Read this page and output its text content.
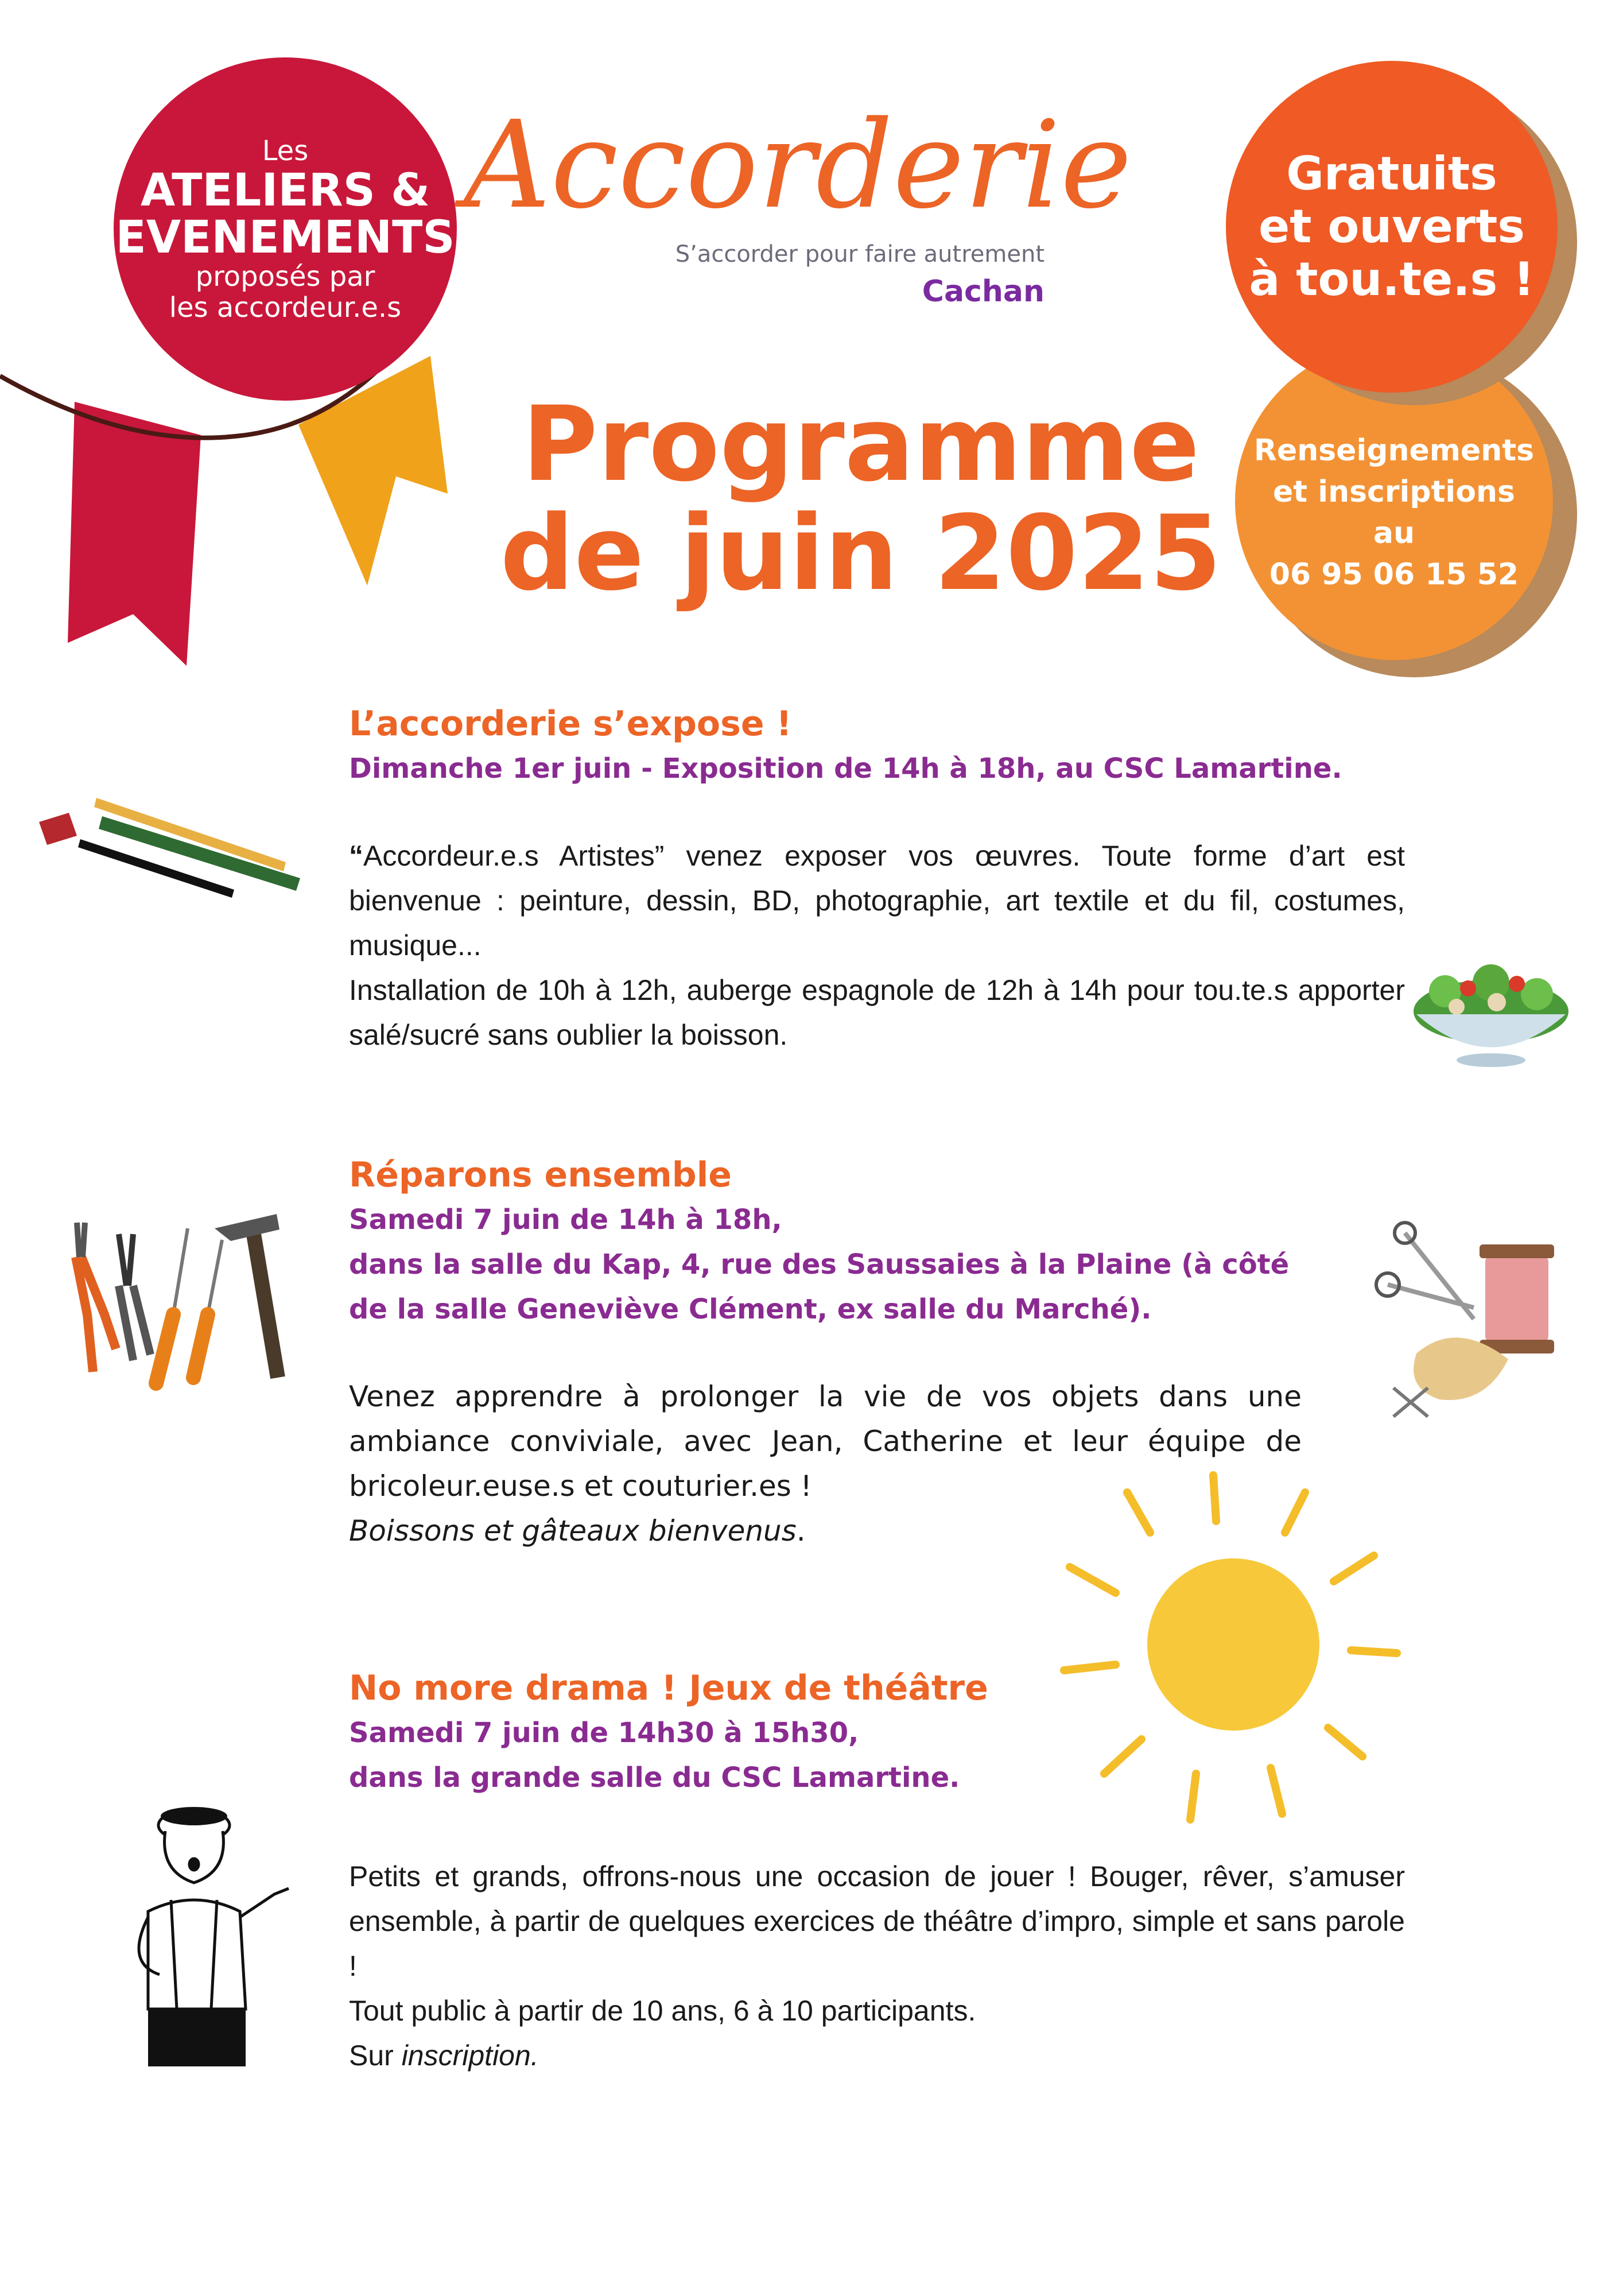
Les
ATELIERS &
EVENEMENTS
proposés par
les accordeur.e.s
Accorderie
S’accorder pour faire autrement
Cachan
Programme
de juin 2025
Renseignements
et inscriptions
au
06 95 06 15 52
Gratuits
et ouverts
à tou.te.s !
L’accorderie s’expose !
Dimanche 1er juin - Exposition de 14h à 18h, au CSC Lamartine.

“Accordeur.e.s Artistes” venez exposer vos œuvres. Toute forme d’art est bienvenue : peinture, dessin, BD, photographie, art textile et du fil, costumes, musique...

Installation de 10h à 12h, auberge espagnole de 12h à 14h pour tou.te.s apporter salé/sucré sans oublier la boisson.

Réparons ensemble
Samedi 7 juin de 14h à 18h,
dans la salle du Kap, 4, rue des Saussaies à la Plaine (à côté de la salle Geneviève Clément, ex salle du Marché).

Venez apprendre à prolonger la vie de vos objets dans une ambiance conviviale, avec Jean, Catherine et leur équipe de bricoleur.euse.s et couturier.es !

Boissons et gâteaux bienvenus.

No more drama ! Jeux de théâtre
Samedi 7 juin de 14h30 à 15h30,
dans la grande salle du CSC Lamartine.

Petits et grands, offrons-nous une occasion de jouer ! Bouger, rêver, s’amuser ensemble, à partir de quelques exercices de théâtre d’impro, simple et sans parole !

Tout public à partir de 10 ans, 6 à 10 participants.

Sur inscription.
